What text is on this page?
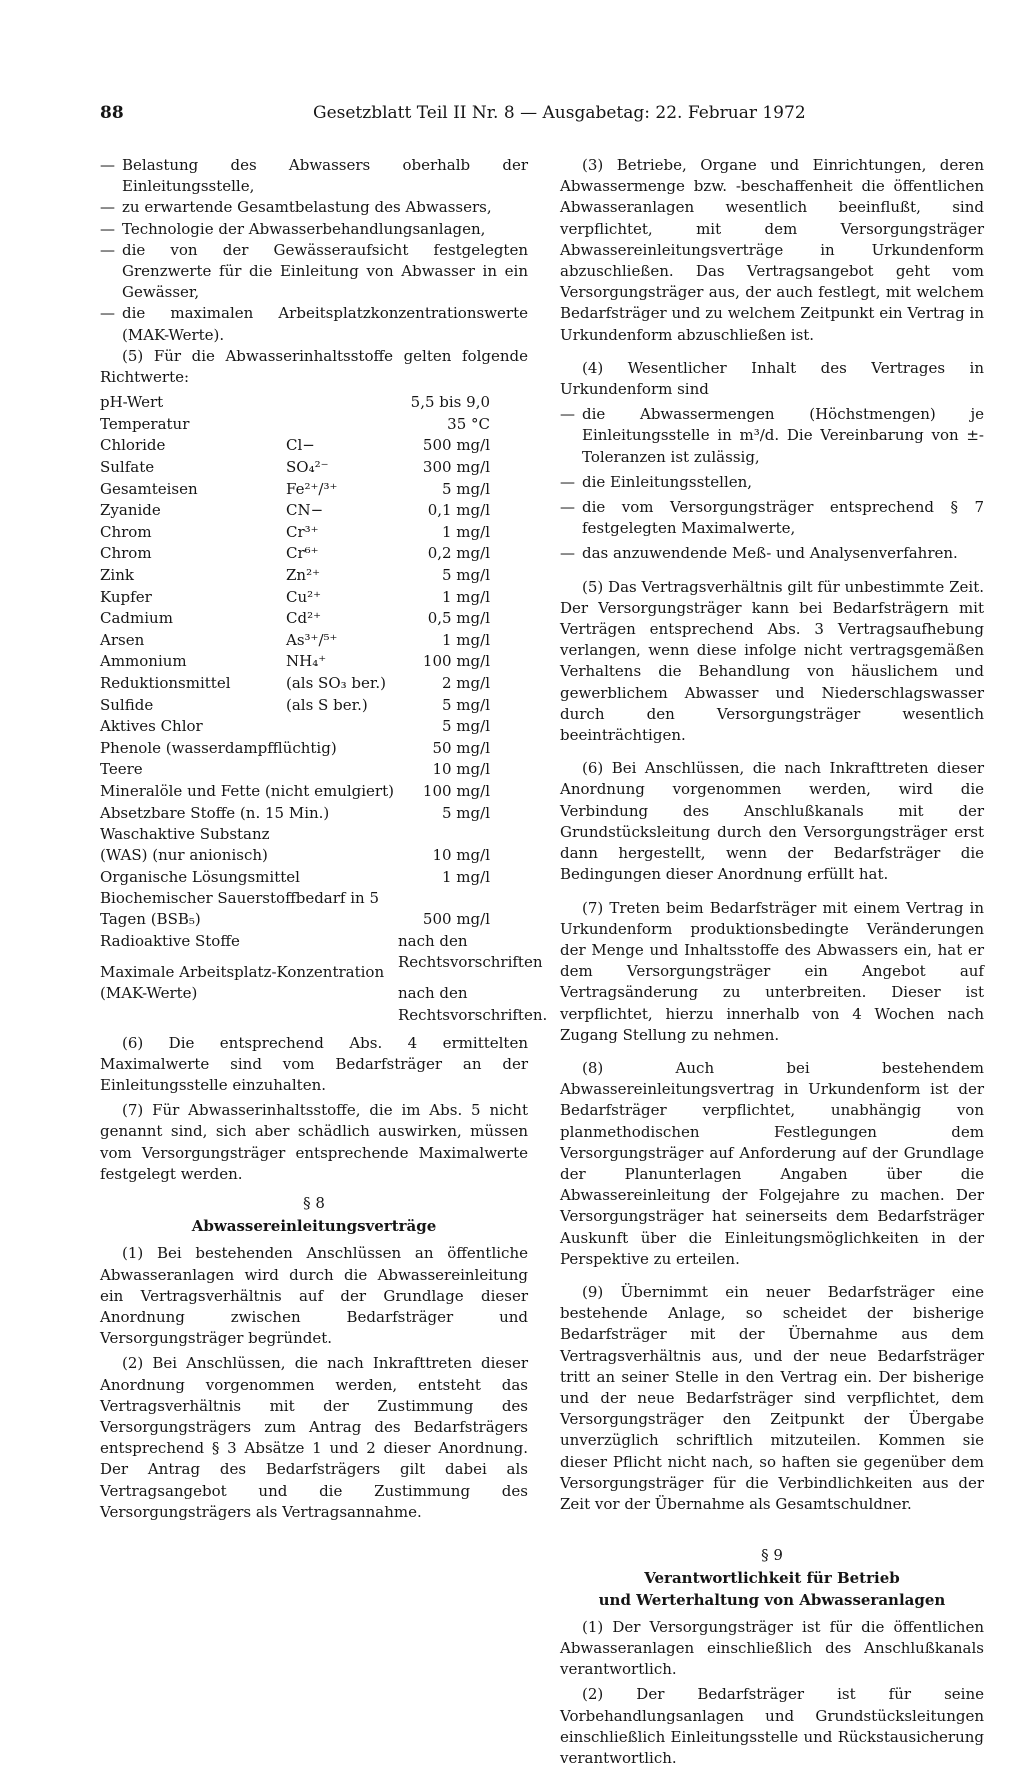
88	Gesetzblatt Teil II Nr. 8 — Ausgabetag: 22. Februar 1972
— Belastung des Abwassers oberhalb der Einleitungsstelle,
— zu erwartende Gesamtbelastung des Abwassers,
— Technologie der Abwasserbehandlungsanlagen,
— die von der Gewässeraufsicht festgelegten Grenzwerte für die Einleitung von Abwasser in ein Gewässer,
— die maximalen Arbeitsplatzkonzentrationswerte (MAK-Werte).

(5) Für die Abwasserinhaltsstoffe gelten folgende Richtwerte:

pH-Wert	5,5 bis 9,0
Temperatur	35 °C
Chloride	Cl−	500 mg/l
Sulfate	SO₄²⁻	300 mg/l
Gesamteisen	Fe²⁺/³⁺	5 mg/l
Zyanide	CN−	0,1 mg/l
Chrom	Cr³⁺	1 mg/l
Chrom	Cr⁶⁺	0,2 mg/l
Zink	Zn²⁺	5 mg/l
Kupfer	Cu²⁺	1 mg/l
Cadmium	Cd²⁺	0,5 mg/l
Arsen	As³⁺/⁵⁺	1 mg/l
Ammonium	NH₄⁺	100 mg/l
Reduktionsmittel	(als SO₃ ber.)	2 mg/l
Sulfide	(als S ber.)	5 mg/l
Aktives Chlor	5 mg/l
Phenole (wasserdampfflüchtig)	50 mg/l
Teere	10 mg/l
Mineralöle und Fette (nicht emulgiert)	100 mg/l
Absetzbare Stoffe (n. 15 Min.)	5 mg/l
Waschaktive Substanz (WAS) (nur anionisch)	10 mg/l
Organische Lösungsmittel	1 mg/l
Biochemischer Sauerstoffbedarf in 5 Tagen (BSB₅)	500 mg/l
Radioaktive Stoffe	nach den Rechtsvorschriften
Maximale Arbeitsplatz-Konzentration (MAK-Werte)	nach den Rechtsvorschriften.

(6) Die entsprechend Abs. 4 ermittelten Maximalwerte sind vom Bedarfsträger an der Einleitungsstelle einzuhalten.

(7) Für Abwasserinhaltsstoffe, die im Abs. 5 nicht genannt sind, sich aber schädlich auswirken, müssen vom Versorgungsträger entsprechende Maximalwerte festgelegt werden.

§ 8
Abwassereinleitungsverträge

(1) Bei bestehenden Anschlüssen an öffentliche Abwasseranlagen wird durch die Abwassereinleitung ein Vertragsverhältnis auf der Grundlage dieser Anordnung zwischen Bedarfsträger und Versorgungsträger begründet.

(2) Bei Anschlüssen, die nach Inkrafttreten dieser Anordnung vorgenommen werden, entsteht das Vertragsverhältnis mit der Zustimmung des Versorgungsträgers zum Antrag des Bedarfsträgers entsprechend § 3 Absätze 1 und 2 dieser Anordnung. Der Antrag des Bedarfsträgers gilt dabei als Vertragsangebot und die Zustimmung des Versorgungsträgers als Vertragsannahme.

(3) Betriebe, Organe und Einrichtungen, deren Abwassermenge bzw. -beschaffenheit die öffentlichen Abwasseranlagen wesentlich beeinflußt, sind verpflichtet, mit dem Versorgungsträger Abwassereinleitungsverträge in Urkundenform abzuschließen. Das Vertragsangebot geht vom Versorgungsträger aus, der auch festlegt, mit welchem Bedarfsträger und zu welchem Zeitpunkt ein Vertrag in Urkundenform abzuschließen ist.

(4) Wesentlicher Inhalt des Vertrages in Urkundenform sind

— die Abwassermengen (Höchstmengen) je Einleitungsstelle in m³/d. Die Vereinbarung von ±-Toleranzen ist zulässig,
— die Einleitungsstellen,
— die vom Versorgungsträger entsprechend § 7 festgelegten Maximalwerte,
— das anzuwendende Meß- und Analysenverfahren.

(5) Das Vertragsverhältnis gilt für unbestimmte Zeit. Der Versorgungsträger kann bei Bedarfsträgern mit Verträgen entsprechend Abs. 3 Vertragsaufhebung verlangen, wenn diese infolge nicht vertragsgemäßen Verhaltens die Behandlung von häuslichem und gewerblichem Abwasser und Niederschlagswasser durch den Versorgungsträger wesentlich beeinträchtigen.

(6) Bei Anschlüssen, die nach Inkrafttreten dieser Anordnung vorgenommen werden, wird die Verbindung des Anschlußkanals mit der Grundstücksleitung durch den Versorgungsträger erst dann hergestellt, wenn der Bedarfsträger die Bedingungen dieser Anordnung erfüllt hat.

(7) Treten beim Bedarfsträger mit einem Vertrag in Urkundenform produktionsbedingte Veränderungen der Menge und Inhaltsstoffe des Abwassers ein, hat er dem Versorgungsträger ein Angebot auf Vertragsänderung zu unterbreiten. Dieser ist verpflichtet, hierzu innerhalb von 4 Wochen nach Zugang Stellung zu nehmen.

(8) Auch bei bestehendem Abwassereinleitungsvertrag in Urkundenform ist der Bedarfsträger verpflichtet, unabhängig von planmethodischen Festlegungen dem Versorgungsträger auf Anforderung auf der Grundlage der Planunterlagen Angaben über die Abwassereinleitung der Folgejahre zu machen. Der Versorgungsträger hat seinerseits dem Bedarfsträger Auskunft über die Einleitungsmöglichkeiten in der Perspektive zu erteilen.

(9) Übernimmt ein neuer Bedarfsträger eine bestehende Anlage, so scheidet der bisherige Bedarfsträger mit der Übernahme aus dem Vertragsverhältnis aus, und der neue Bedarfsträger tritt an seiner Stelle in den Vertrag ein. Der bisherige und der neue Bedarfsträger sind verpflichtet, dem Versorgungsträger den Zeitpunkt der Übergabe unverzüglich schriftlich mitzuteilen. Kommen sie dieser Pflicht nicht nach, so haften sie gegenüber dem Versorgungsträger für die Verbindlichkeiten aus der Zeit vor der Übernahme als Gesamtschuldner.

§ 9
Verantwortlichkeit für Betrieb
und Werterhaltung von Abwasseranlagen

(1) Der Versorgungsträger ist für die öffentlichen Abwasseranlagen einschließlich des Anschlußkanals verantwortlich.

(2) Der Bedarfsträger ist für seine Vorbehandlungsanlagen und Grundstücksleitungen einschließlich Einleitungsstelle und Rückstausicherung verantwortlich.
